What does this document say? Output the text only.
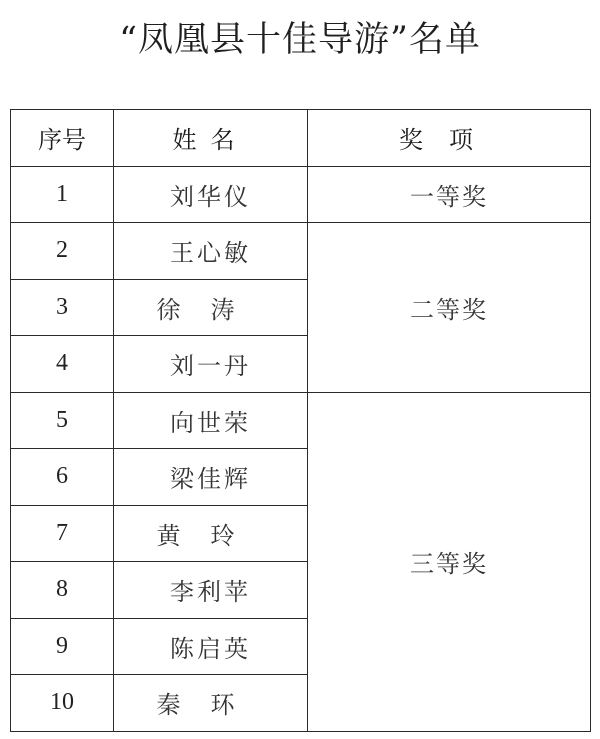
“凤凰县十佳导游”名单
序号	姓名	奖项
1	刘华仪	一等奖
2	王心敏	二等奖
3	徐涛	
4	刘一丹	
5	向世荣	三等奖
6	梁佳辉	
7	黄玲	
8	李利苹	
9	陈启英	
10	秦环	
